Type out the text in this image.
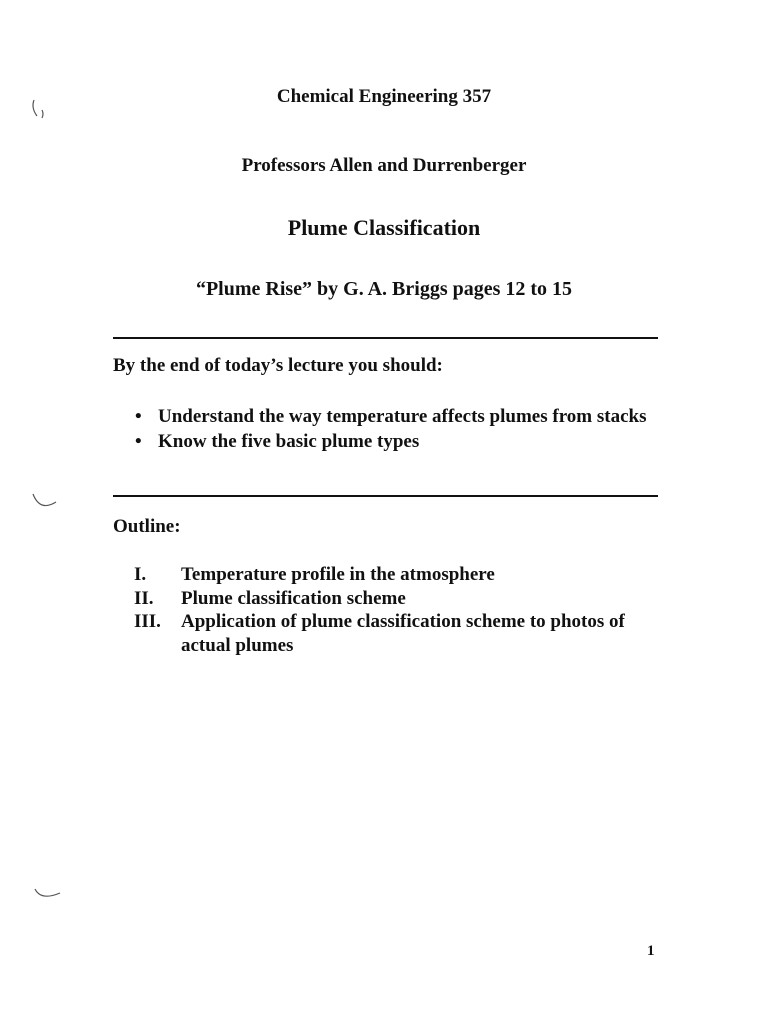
Chemical Engineering 357
Professors Allen and Durrenberger
Plume Classification
“Plume Rise” by G. A. Briggs pages 12 to 15
By the end of today’s lecture you should:
• Understand the way temperature affects plumes from stacks
• Know the five basic plume types
Outline:
I.	Temperature profile in the atmosphere
II.	Plume classification scheme
III.	Application of plume classification scheme to photos of actual plumes
1
